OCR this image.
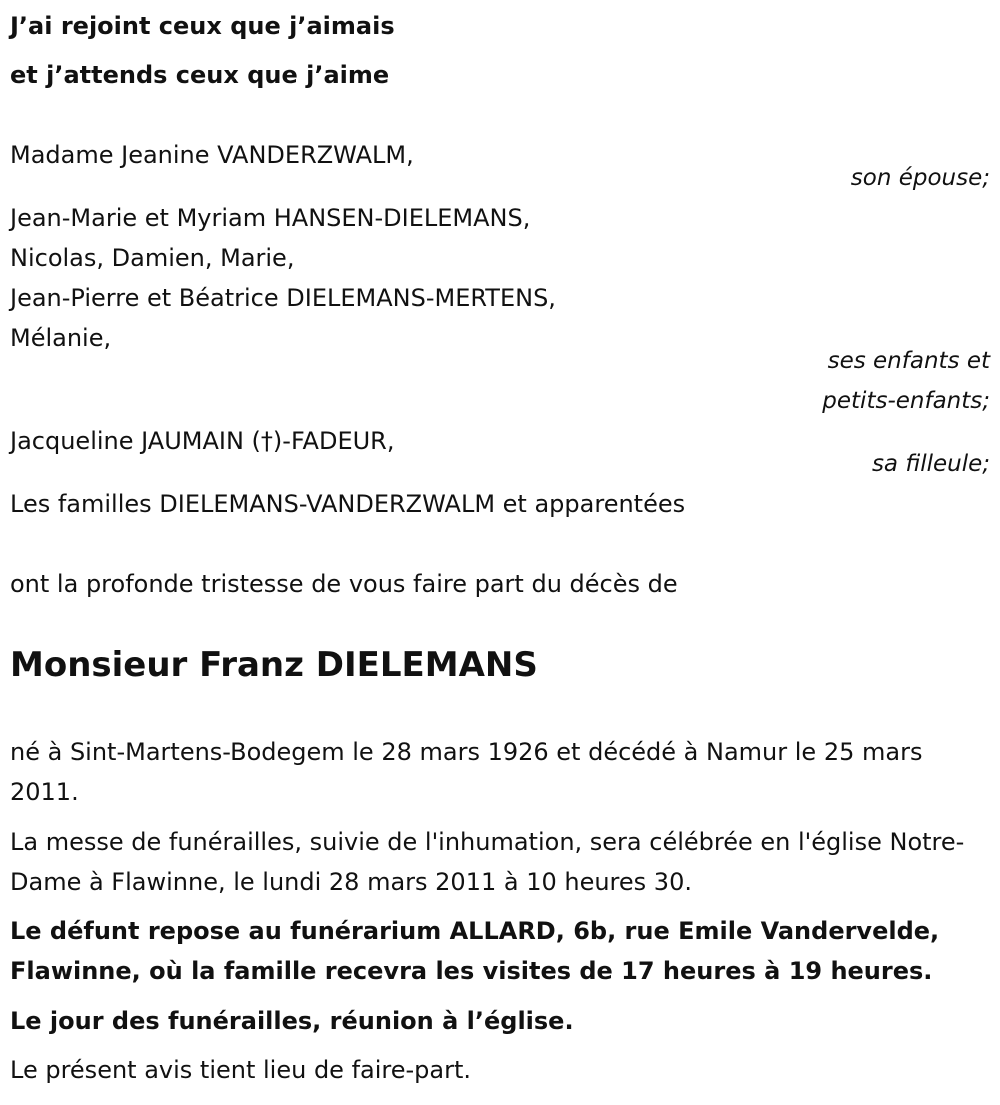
J’ai rejoint ceux que j’aimais

et j’attends ceux que j’aime

Madame Jeanine VANDERZWALM,

son épouse;

Jean-Marie et Myriam HANSEN-DIELEMANS,

Nicolas, Damien, Marie,

Jean-Pierre et Béatrice DIELEMANS-MERTENS,

Mélanie,

ses enfants et

petits-enfants;

Jacqueline JAUMAIN (†)-FADEUR,

sa filleule;

Les familles DIELEMANS-VANDERZWALM et apparentées

ont la profonde tristesse de vous faire part du décès de

Monsieur Franz DIELEMANS

né à Sint-Martens-Bodegem le 28 mars 1926 et décédé à Namur le 25 mars 2011.

La messe de funérailles, suivie de l'inhumation, sera célébrée en l'église Notre-Dame à Flawinne, le lundi 28 mars 2011 à 10 heures 30.

Le défunt repose au funérarium ALLARD, 6b, rue Emile Vandervelde, Flawinne, où la famille recevra les visites de 17 heures à 19 heures.

Le jour des funérailles, réunion à l’église.

Le présent avis tient lieu de faire-part.
